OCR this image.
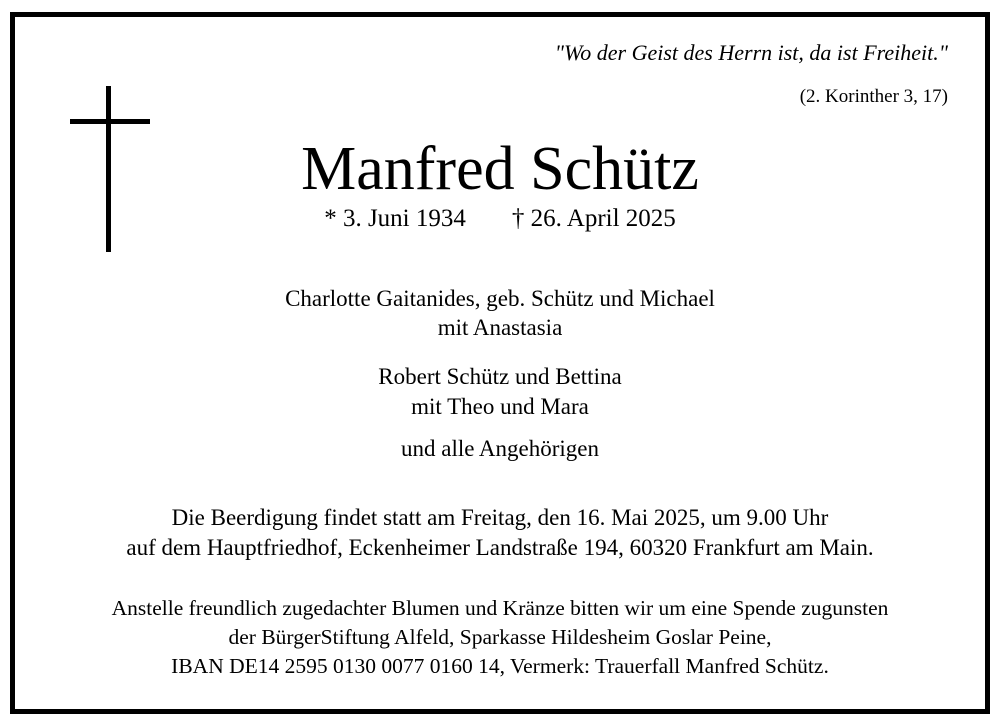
"Wo der Geist des Herrn ist, da ist Freiheit."
(2. Korinther 3, 17)
Manfred Schütz
* 3. Juni 1934 † 26. April 2025
Charlotte Gaitanides, geb. Schütz und Michael
mit Anastasia
Robert Schütz und Bettina
mit Theo und Mara
und alle Angehörigen
Die Beerdigung findet statt am Freitag, den 16. Mai 2025, um 9.00 Uhr
auf dem Hauptfriedhof, Eckenheimer Landstraße 194, 60320 Frankfurt am Main.
Anstelle freundlich zugedachter Blumen und Kränze bitten wir um eine Spende zugunsten
der BürgerStiftung Alfeld, Sparkasse Hildesheim Goslar Peine,
IBAN DE14 2595 0130 0077 0160 14, Vermerk: Trauerfall Manfred Schütz.
